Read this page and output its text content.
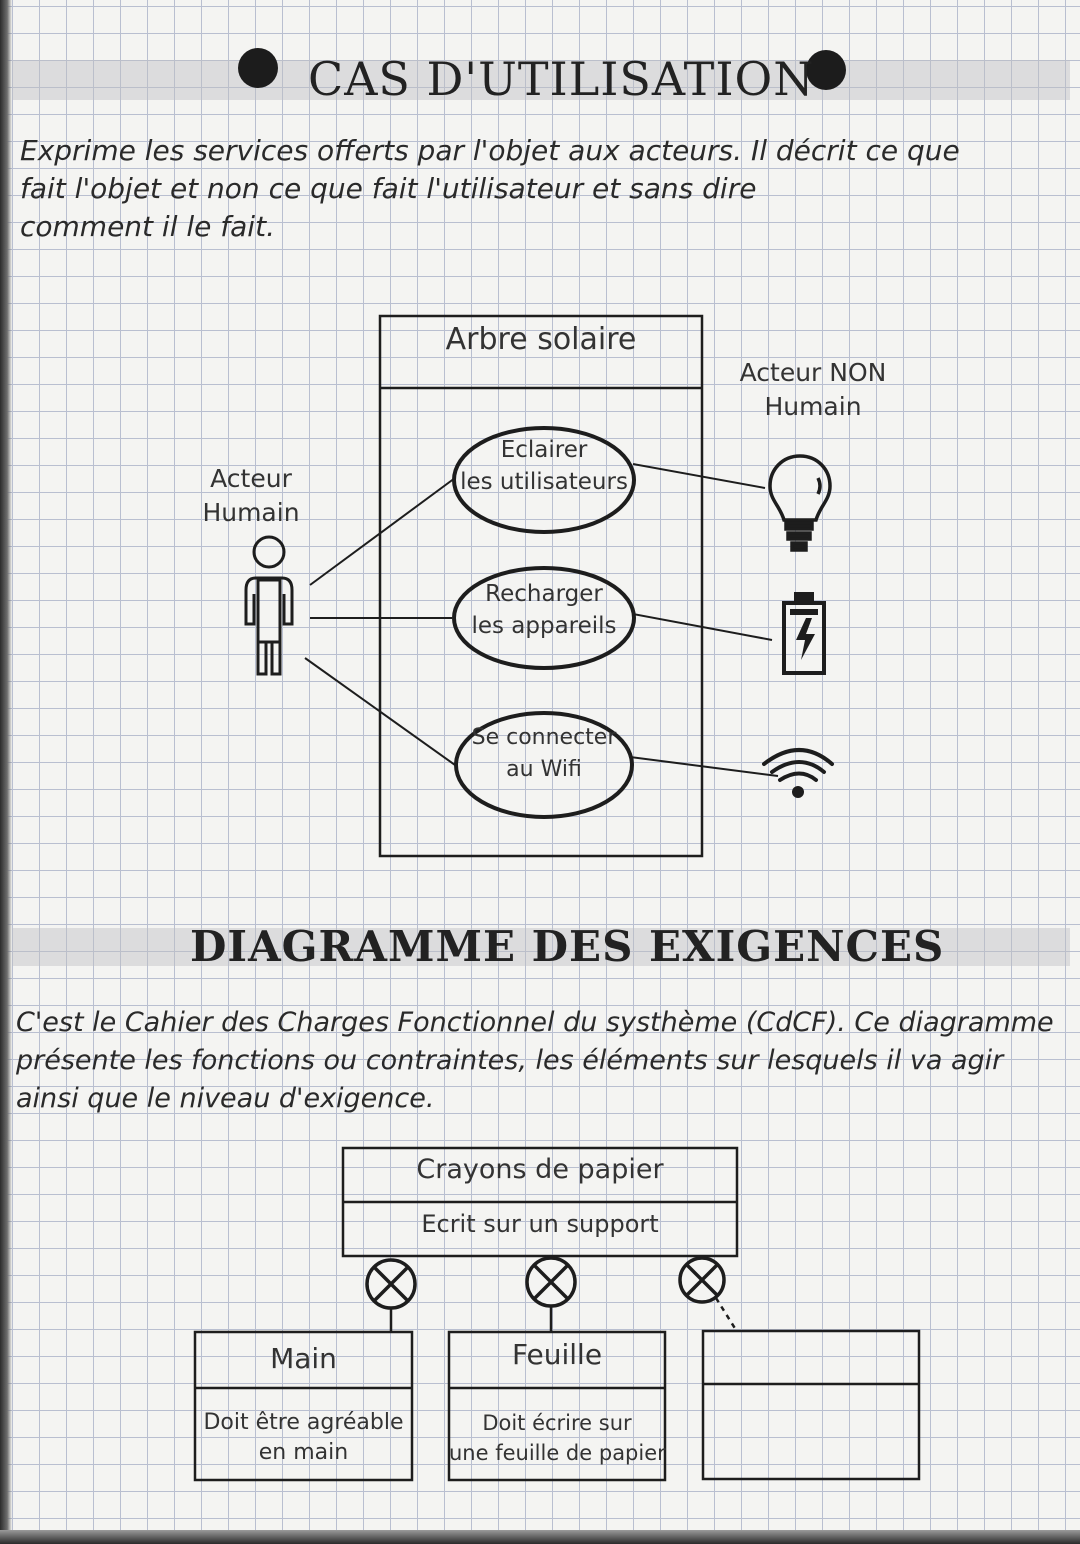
CAS D'UTILISATION
Exprime les services offerts par l'objet aux acteurs. Il décrit ce que
fait l'objet et non ce que fait l'utilisateur et sans dire
comment il le fait.
Arbre solaire
Acteur
Humain
Acteur NON
Humain
Eclairer
les utilisateurs
Recharger
les appareils
Se connecter
au Wifi
DIAGRAMME DES EXIGENCES
C'est le Cahier des Charges Fonctionnel du systhème (CdCF). Ce diagramme
présente les fonctions ou contraintes, les éléments sur lesquels il va agir
ainsi que le niveau d'exigence.
Crayons de papier
Ecrit sur un support
Main
Doit être agréable
en main
Feuille
Doit écrire sur
une feuille de papier
